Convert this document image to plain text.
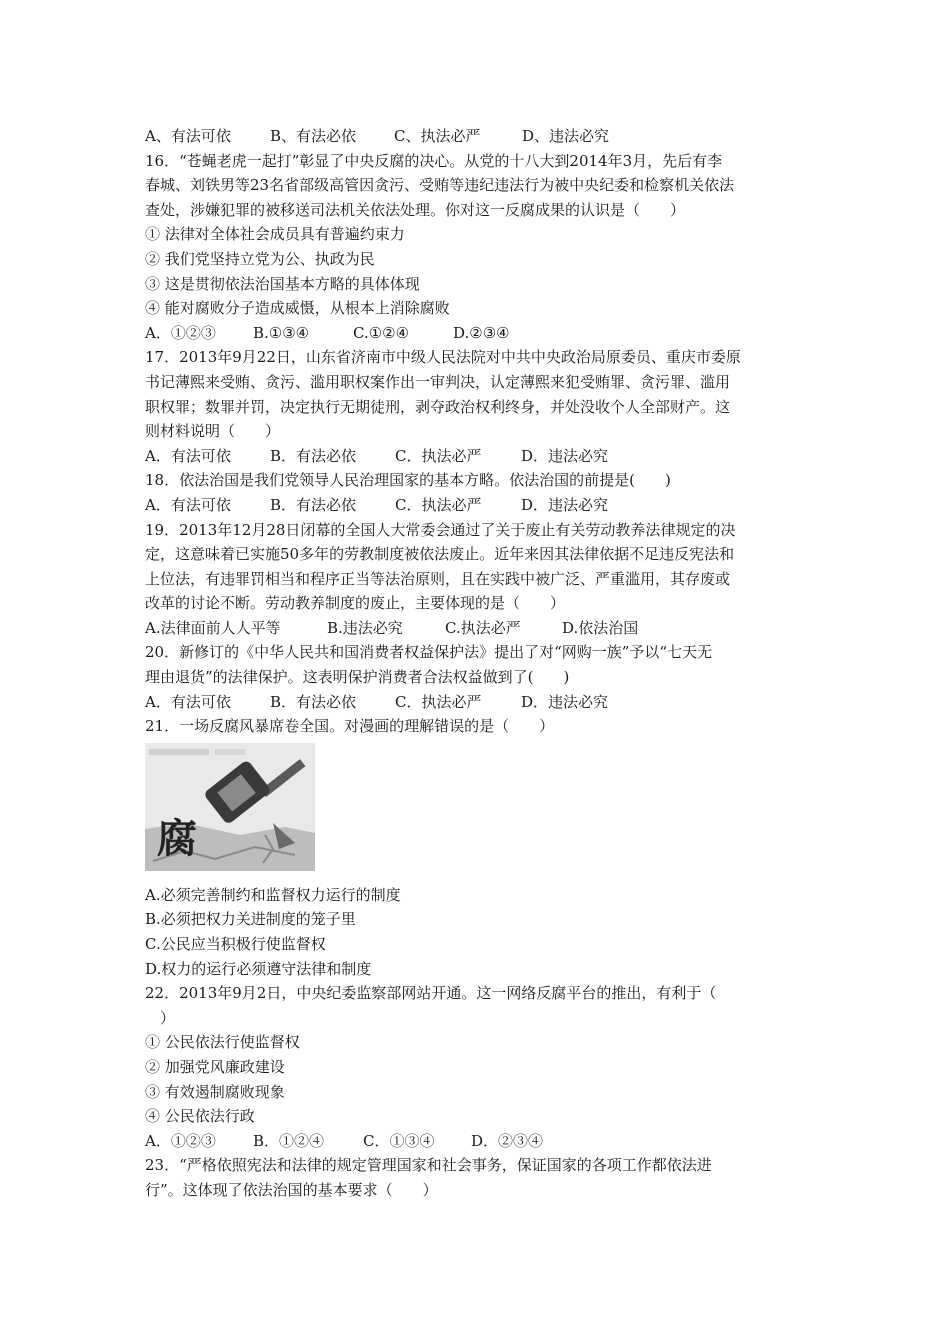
A、有法可依	B、有法必依	C、执法必严	D、违法必究
16．“苍蝇老虎一起打”彰显了中央反腐的决心。从党的十八大到2014年3月，先后有李
春城、刘铁男等23名省部级高管因贪污、受贿等违纪违法行为被中央纪委和检察机关依法
查处，涉嫌犯罪的被移送司法机关依法处理。你对这一反腐成果的认识是（　　）
① 法律对全体社会成员具有普遍约束力
② 我们党坚持立党为公、执政为民
③ 这是贯彻依法治国基本方略的具体体现
④ 能对腐败分子造成威慑，从根本上消除腐败
A．①②③	B.①③④	C.①②④	D.②③④
17．2013年9月22日，山东省济南市中级人民法院对中共中央政治局原委员、重庆市委原
书记薄熙来受贿、贪污、滥用职权案作出一审判决，认定薄熙来犯受贿罪、贪污罪、滥用
职权罪；数罪并罚，决定执行无期徒刑，剥夺政治权利终身，并处没收个人全部财产。这
则材料说明（　　）
A．有法可依	B．有法必依	C．执法必严	D．违法必究
18．依法治国是我们党领导人民治理国家的基本方略。依法治国的前提是(　　)
A．有法可依	B．有法必依	C．执法必严	D．违法必究
19．2013年12月28日闭幕的全国人大常委会通过了关于废止有关劳动教养法律规定的决
定，这意味着已实施50多年的劳教制度被依法废止。近年来因其法律依据不足违反宪法和
上位法，有违罪罚相当和程序正当等法治原则，且在实践中被广泛、严重滥用，其存废或
改革的讨论不断。劳动教养制度的废止，主要体现的是（　　）
A.法律面前人人平等	B.违法必究	C.执法必严	D.依法治国
20．新修订的《中华人民共和国消费者权益保护法》提出了对“网购一族”予以“七天无
理由退货”的法律保护。这表明保护消费者合法权益做到了(　　)
A．有法可依	B．有法必依	C．执法必严	D．违法必究
21．一场反腐风暴席卷全国。对漫画的理解错误的是（　　）
腐
A.必须完善制约和监督权力运行的制度
B.必须把权力关进制度的笼子里
C.公民应当积极行使监督权
D.权力的运行必须遵守法律和制度
22．2013年9月2日，中央纪委监察部网站开通。这一网络反腐平台的推出，有利于（
　）
① 公民依法行使监督权
② 加强党风廉政建设
③ 有效遏制腐败现象
④ 公民依法行政
A．①②③	B．①②④	C．①③④	D．②③④
23．“严格依照宪法和法律的规定管理国家和社会事务，保证国家的各项工作都依法进
行”。这体现了依法治国的基本要求（　　）
